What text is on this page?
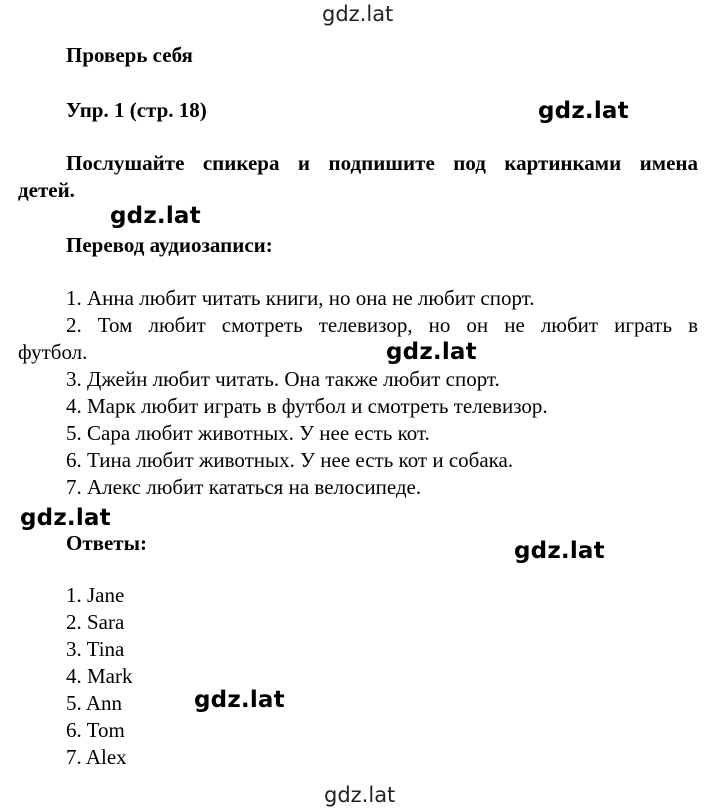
gdz.lat
Проверь себя
Упр. 1 (стр. 18)	gdz.lat
Послушайте спикера и подпишите под картинками имена
детей.
gdz.lat
Перевод аудиозаписи:
1. Анна любит читать книги, но она не любит спорт.
2. Том любит смотреть телевизор, но он не любит играть в
футбол.	gdz.lat
3. Джейн любит читать. Она также любит спорт.
4. Марк любит играть в футбол и смотреть телевизор.
5. Сара любит животных. У нее есть кот.
6. Тина любит животных. У нее есть кот и собака.
7. Алекс любит кататься на велосипеде.
gdz.lat
Ответы:	gdz.lat
1. Jane
2. Sara
3. Tina
4. Mark
5. Ann
6. Tom
7. Alex
gdz.lat
gdz.lat
